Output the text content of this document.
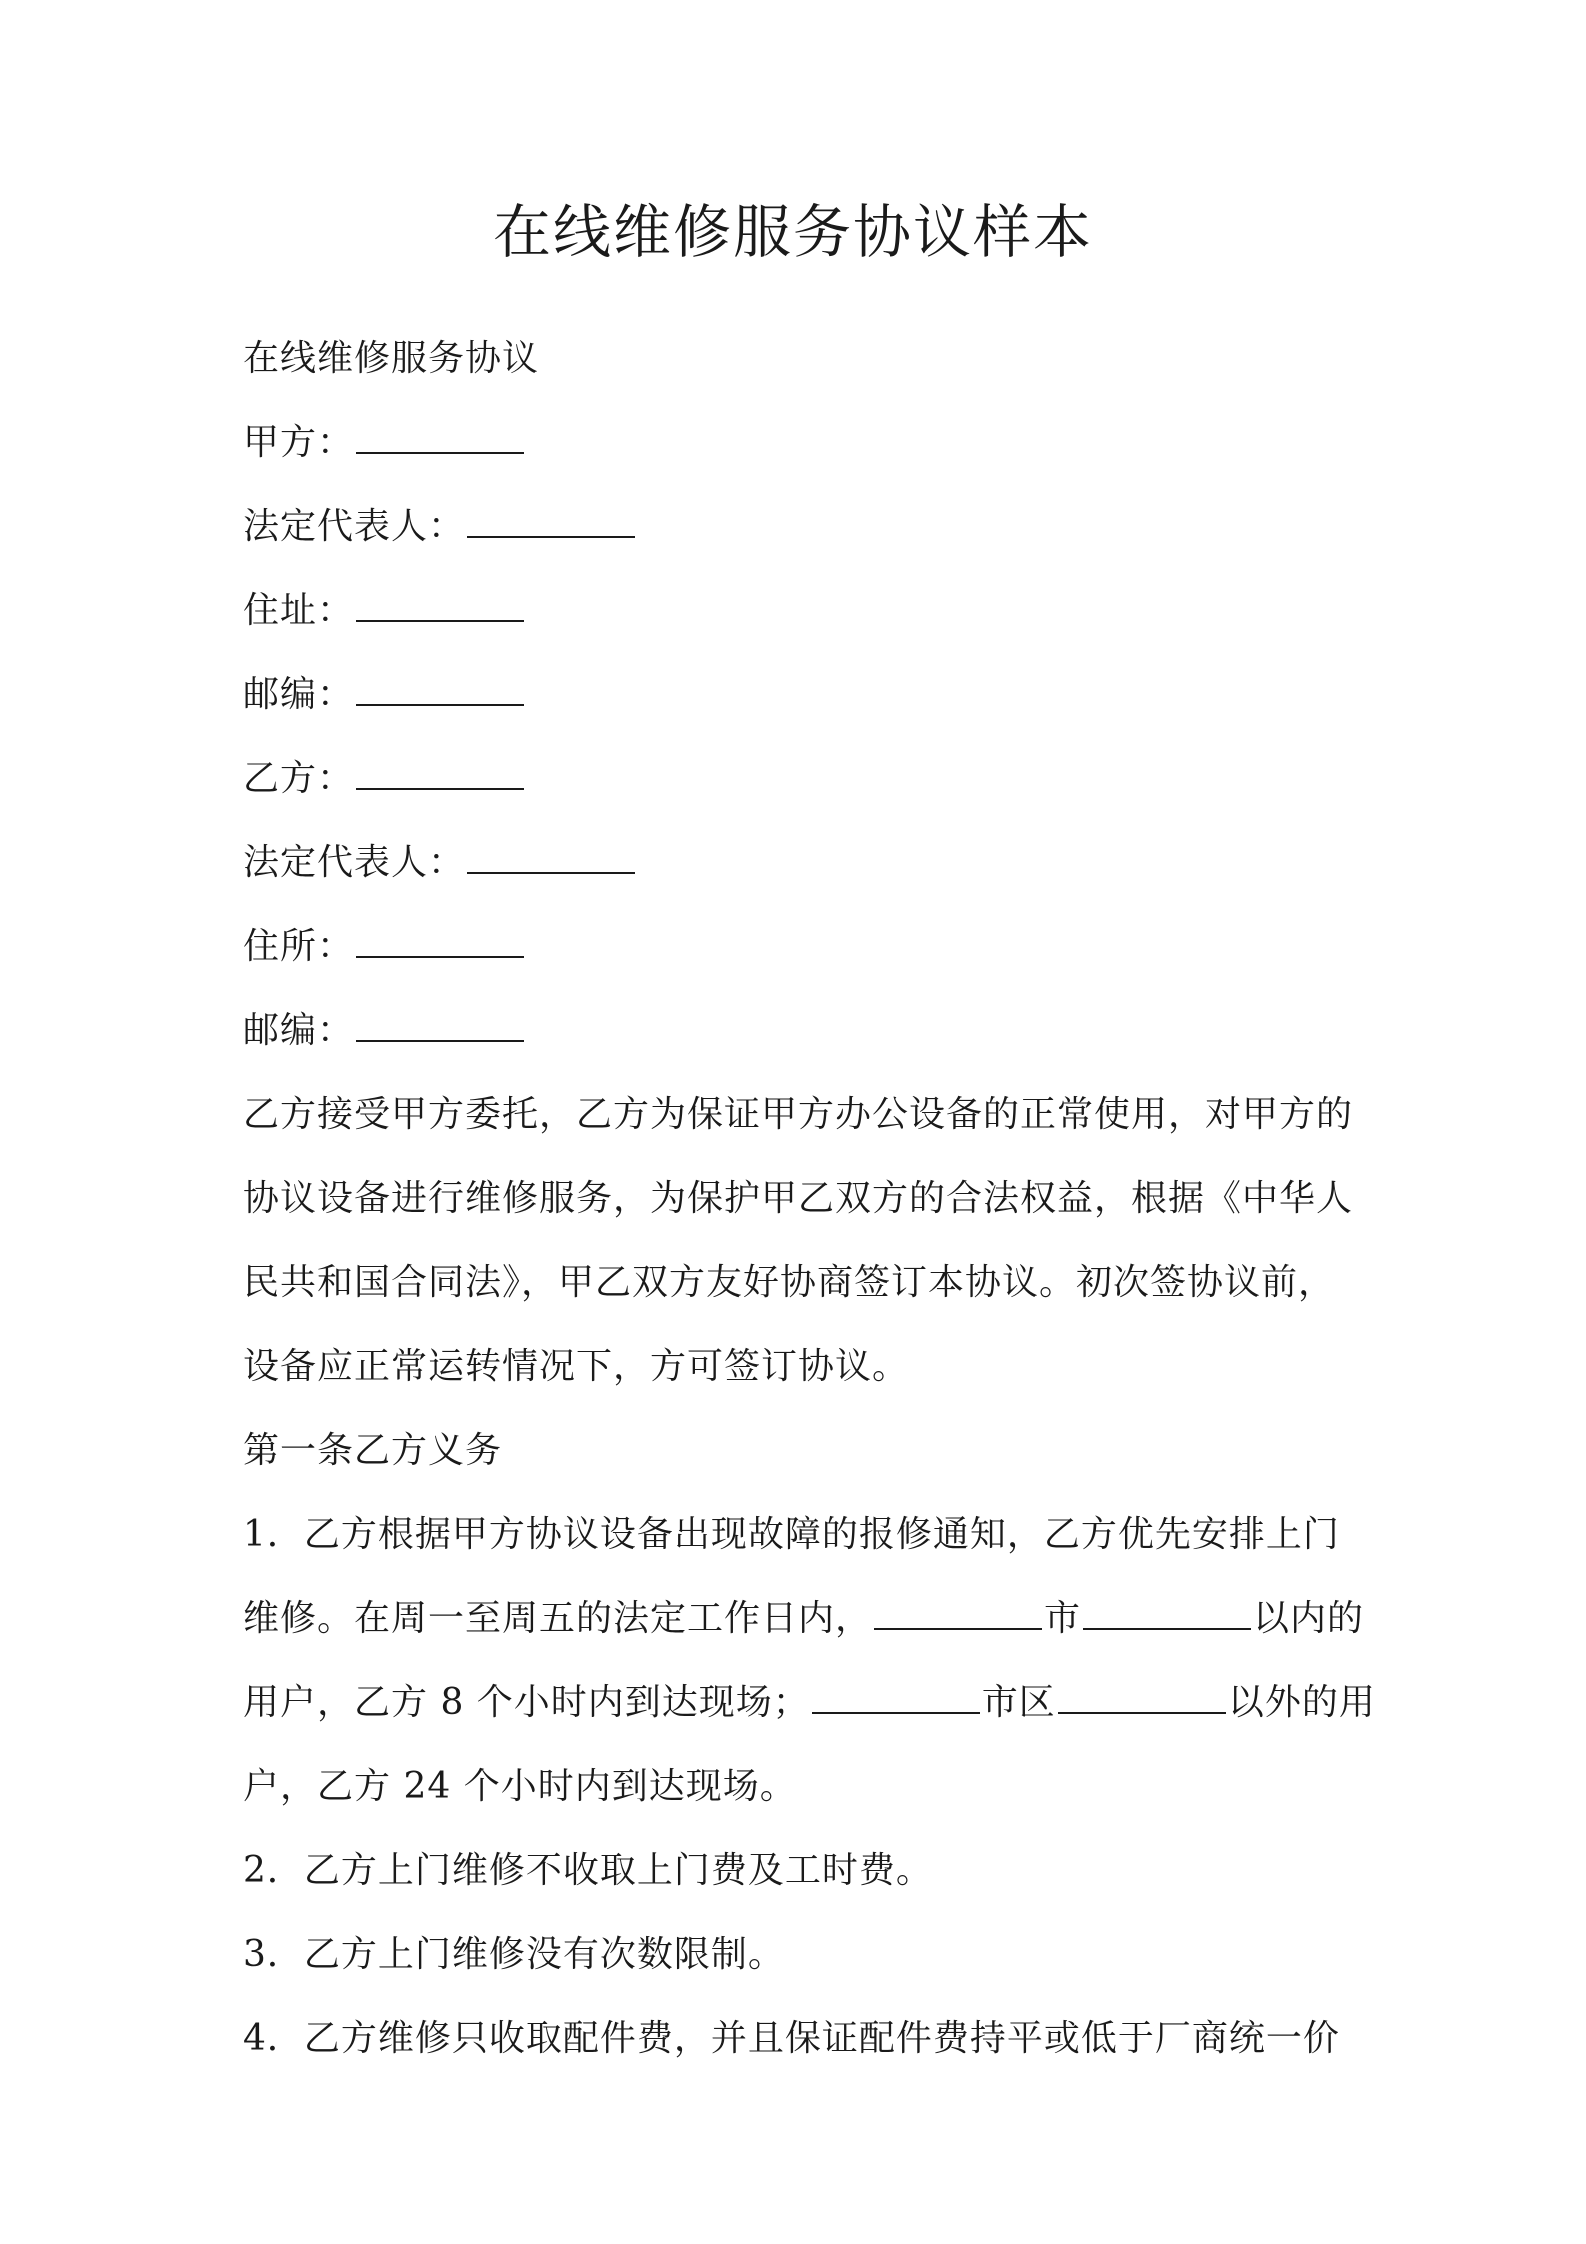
在线维修服务协议样本

在线维修服务协议

甲方：

法定代表人：

住址：

邮编：

乙方：

法定代表人：

住所：

邮编：

乙方接受甲方委托，乙方为保证甲方办公设备的正常使用，对甲方的

协议设备进行维修服务，为保护甲乙双方的合法权益，根据《中华人

民共和国合同法》，甲乙双方友好协商签订本协议。初次签协议前，

设备应正常运转情况下，方可签订协议。

第一条乙方义务

1．乙方根据甲方协议设备出现故障的报修通知，乙方优先安排上门

维修。在周一至周五的法定工作日内，	市	以内的

用户，乙方 8 个小时内到达现场；	市区	以外的用

户，乙方 24 个小时内到达现场。

2．乙方上门维修不收取上门费及工时费。

3．乙方上门维修没有次数限制。

4．乙方维修只收取配件费，并且保证配件费持平或低于厂商统一价
